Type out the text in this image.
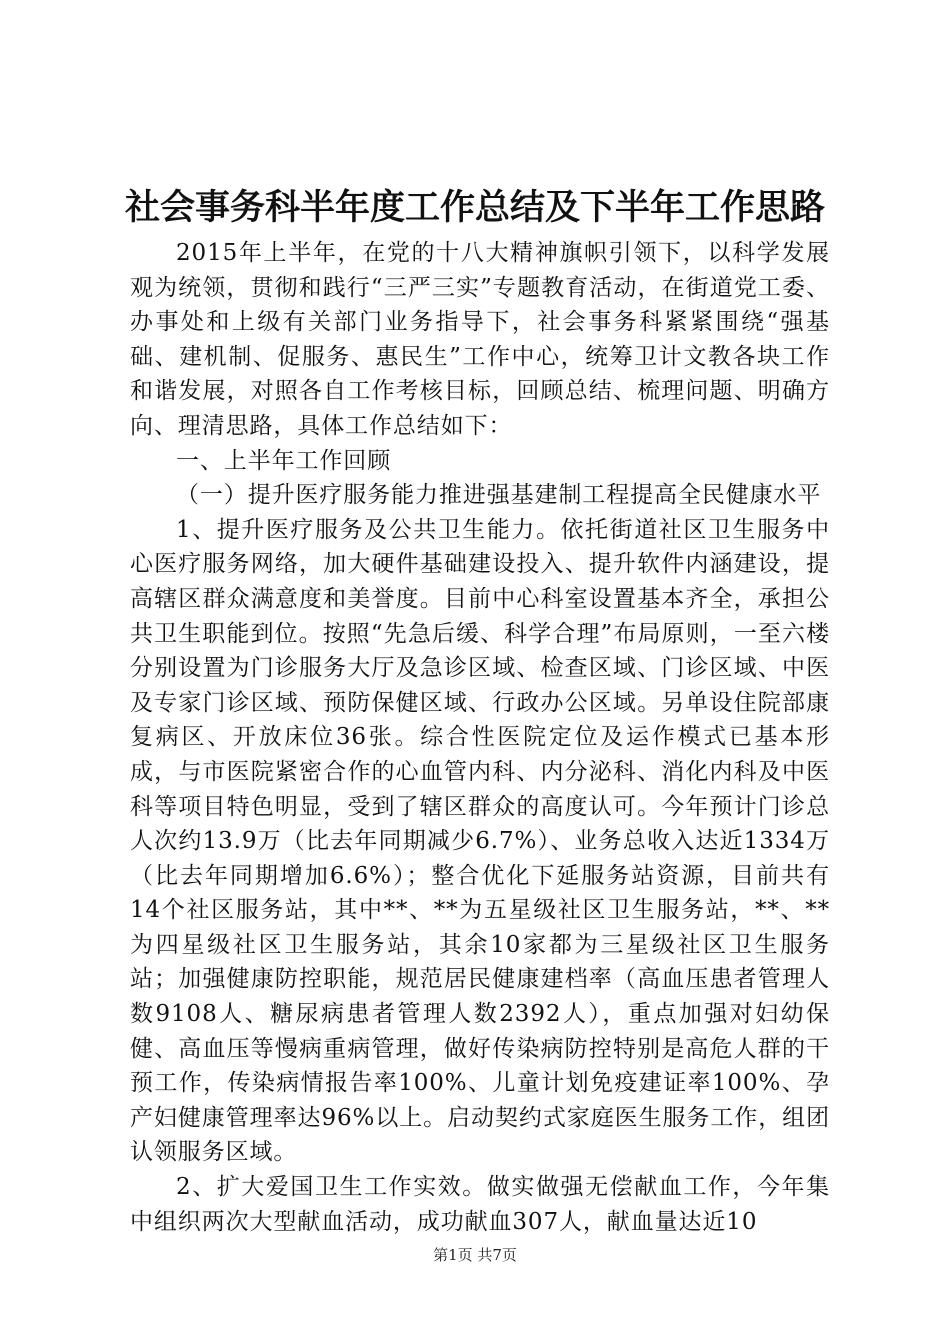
社会事务科半年度工作总结及下半年工作思路

2015年上半年，在党的十八大精神旗帜引领下，以科学发展观为统领，贯彻和践行“三严三实”专题教育活动，在街道党工委、办事处和上级有关部门业务指导下，社会事务科紧紧围绕“强基础、建机制、促服务、惠民生”工作中心，统筹卫计文教各块工作和谐发展，对照各自工作考核目标，回顾总结、梳理问题、明确方向、理清思路，具体工作总结如下：

一、上半年工作回顾

（一）提升医疗服务能力推进强基建制工程提高全民健康水平

1、提升医疗服务及公共卫生能力。依托街道社区卫生服务中心医疗服务网络，加大硬件基础建设投入、提升软件内涵建设，提高辖区群众满意度和美誉度。目前中心科室设置基本齐全，承担公共卫生职能到位。按照“先急后缓、科学合理”布局原则，一至六楼分别设置为门诊服务大厅及急诊区域、检查区域、门诊区域、中医及专家门诊区域、预防保健区域、行政办公区域。另单设住院部康复病区、开放床位36张。综合性医院定位及运作模式已基本形成，与市医院紧密合作的心血管内科、内分泌科、消化内科及中医科等项目特色明显，受到了辖区群众的高度认可。今年预计门诊总人次约13.9万（比去年同期减少6.7%）、业务总收入达近1334万（比去年同期增加6.6%）；整合优化下延服务站资源，目前共有14个社区服务站，其中**、**为五星级社区卫生服务站，**、**为四星级社区卫生服务站，其余10家都为三星级社区卫生服务站；加强健康防控职能，规范居民健康建档率（高血压患者管理人数9108人、糖尿病患者管理人数2392人），重点加强对妇幼保健、高血压等慢病重病管理，做好传染病防控特别是高危人群的干预工作，传染病情报告率100%、儿童计划免疫建证率100%、孕产妇健康管理率达96%以上。启动契约式家庭医生服务工作，组团认领服务区域。

2、扩大爱国卫生工作实效。做实做强无偿献血工作，今年集中组织两次大型献血活动，成功献血307人，献血量达近10

第1页 共7页
